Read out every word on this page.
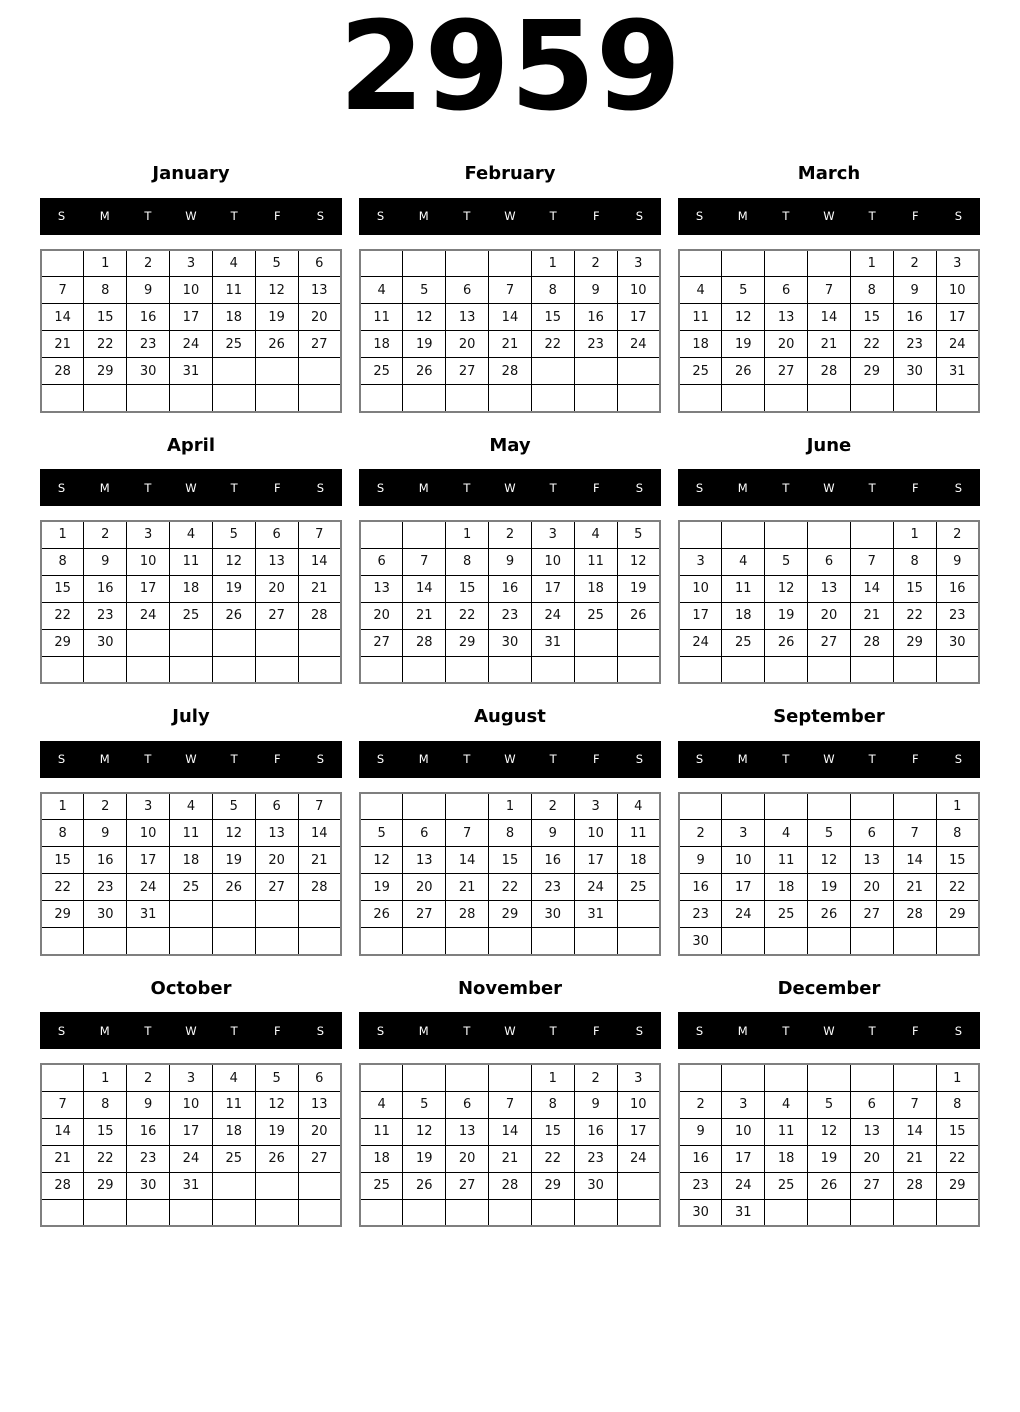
2959
January
S	M	T	W	T	F	S
	1	2	3	4	5	6
7	8	9	10	11	12	13
14	15	16	17	18	19	20
21	22	23	24	25	26	27
28	29	30	31			

February
S	M	T	W	T	F	S
				1	2	3
4	5	6	7	8	9	10
11	12	13	14	15	16	17
18	19	20	21	22	23	24
25	26	27	28			

March
S	M	T	W	T	F	S
				1	2	3
4	5	6	7	8	9	10
11	12	13	14	15	16	17
18	19	20	21	22	23	24
25	26	27	28	29	30	31

April
S	M	T	W	T	F	S
1	2	3	4	5	6	7
8	9	10	11	12	13	14
15	16	17	18	19	20	21
22	23	24	25	26	27	28
29	30					

May
S	M	T	W	T	F	S
		1	2	3	4	5
6	7	8	9	10	11	12
13	14	15	16	17	18	19
20	21	22	23	24	25	26
27	28	29	30	31		

June
S	M	T	W	T	F	S
					1	2
3	4	5	6	7	8	9
10	11	12	13	14	15	16
17	18	19	20	21	22	23
24	25	26	27	28	29	30

July
S	M	T	W	T	F	S
1	2	3	4	5	6	7
8	9	10	11	12	13	14
15	16	17	18	19	20	21
22	23	24	25	26	27	28
29	30	31				

August
S	M	T	W	T	F	S
			1	2	3	4
5	6	7	8	9	10	11
12	13	14	15	16	17	18
19	20	21	22	23	24	25
26	27	28	29	30	31	

September
S	M	T	W	T	F	S
						1
2	3	4	5	6	7	8
9	10	11	12	13	14	15
16	17	18	19	20	21	22
23	24	25	26	27	28	29
30						
October
S	M	T	W	T	F	S
	1	2	3	4	5	6
7	8	9	10	11	12	13
14	15	16	17	18	19	20
21	22	23	24	25	26	27
28	29	30	31			

November
S	M	T	W	T	F	S
				1	2	3
4	5	6	7	8	9	10
11	12	13	14	15	16	17
18	19	20	21	22	23	24
25	26	27	28	29	30	

December
S	M	T	W	T	F	S
						1
2	3	4	5	6	7	8
9	10	11	12	13	14	15
16	17	18	19	20	21	22
23	24	25	26	27	28	29
30	31					
